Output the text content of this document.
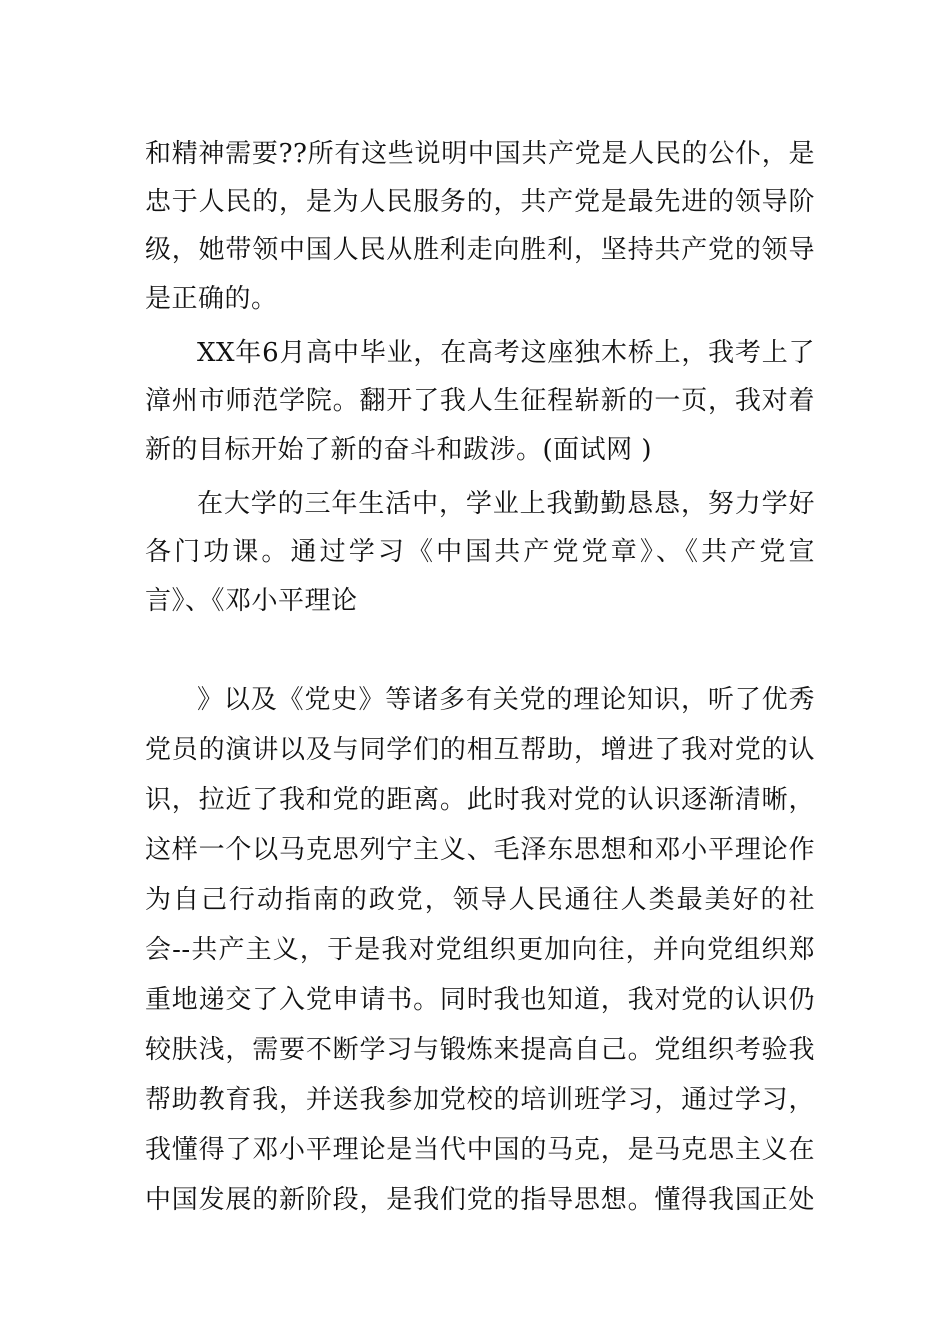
和精神需要??所有这些说明中国共产党是人民的公仆，是
忠于人民的，是为人民服务的，共产党是最先进的领导阶
级，她带领中国人民从胜利走向胜利，坚持共产党的领导
是正确的。
XX年6月高中毕业，在高考这座独木桥上，我考上了
漳州市师范学院。翻开了我人生征程崭新的一页，我对着
新的目标开始了新的奋斗和跋涉。(面试网 )
在大学的三年生活中，学业上我勤勤恳恳，努力学好
各门功课。通过学习《中国共产党党章》、《共产党宣
言》、《邓小平理论
》以及《党史》等诸多有关党的理论知识，听了优秀
党员的演讲以及与同学们的相互帮助，增进了我对党的认
识，拉近了我和党的距离。此时我对党的认识逐渐清晰，
这样一个以马克思列宁主义、毛泽东思想和邓小平理论作
为自己行动指南的政党，领导人民通往人类最美好的社
会--共产主义，于是我对党组织更加向往，并向党组织郑
重地递交了入党申请书。同时我也知道，我对党的认识仍
较肤浅，需要不断学习与锻炼来提高自己。党组织考验我
帮助教育我，并送我参加党校的培训班学习，通过学习，
我懂得了邓小平理论是当代中国的马克，是马克思主义在
中国发展的新阶段，是我们党的指导思想。懂得我国正处
